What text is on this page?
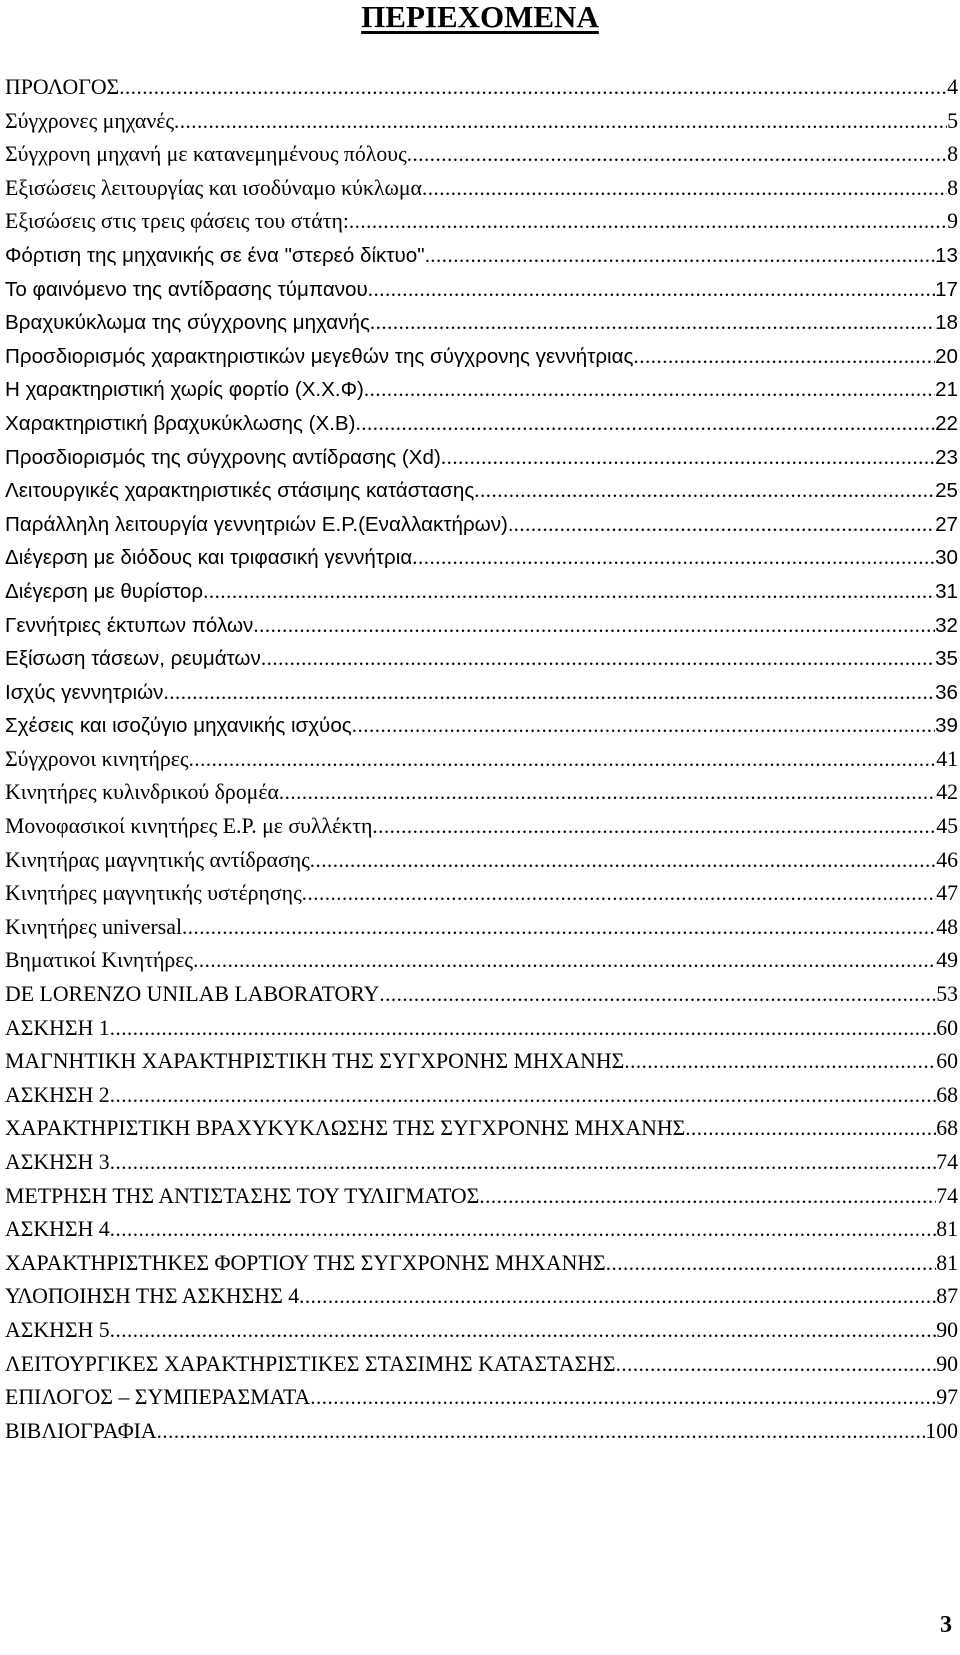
ΠΕΡΙΕΧΟΜΕΝΑ
ΠΡΟΛΟΓΟΣ .....	4
Σύγχρονες μηχανές .....	5
Σύγχρονη μηχανή με κατανεμημένους πόλους .....	8
Εξισώσεις λειτουργίας και ισοδύναμο κύκλωμα .....	8
Εξισώσεις στις τρεις φάσεις του στάτη: .....	9
Φόρτιση της μηχανικής σε ένα "στερεό δίκτυο". .....	13
Το φαινόμενο της αντίδρασης τύμπανου .....	17
Βραχυκύκλωμα της σύγχρονης μηχανής .....	18
Προσδιορισμός χαρακτηριστικών μεγεθών της σύγχρονης γεννήτριας .....	20
Η χαρακτηριστική χωρίς φορτίο (Χ.Χ.Φ) .....	21
Χαρακτηριστική βραχυκύκλωσης (Χ.Β) .....	22
Προσδιορισμός της σύγχρονης αντίδρασης (Xd) .....	23
Λειτουργικές χαρακτηριστικές στάσιμης κατάστασης .....	25
Παράλληλη λειτουργία γεννητριών Ε.Ρ.(Εναλλακτήρων). .....	27
Διέγερση με διόδους και τριφασική γεννήτρια .....	30
Διέγερση με θυρίστορ .....	31
Γεννήτριες έκτυπων πόλων .....	32
Εξίσωση τάσεων, ρευμάτων .....	35
Ισχύς γεννητριών .....	36
Σχέσεις και ισοζύγιο μηχανικής ισχύος .....	39
Σύγχρονοι κινητήρες .....	41
Κινητήρες κυλινδρικού δρομέα .....	42
Μονοφασικοί κινητήρες Ε.Ρ. με συλλέκτη .....	45
Κινητήρας μαγνητικής αντίδρασης .....	46
Κινητήρες μαγνητικής υστέρησης .....	47
Κινητήρες universal .....	48
Βηματικοί Κινητήρες .....	49
DE LORENZO UNILAB LABORATORY .....	53
ΑΣΚΗΣΗ 1 .....	60
ΜΑΓΝΗΤΙΚΗ ΧΑΡΑΚΤΗΡΙΣΤΙΚΗ ΤΗΣ ΣΥΓΧΡΟΝΗΣ ΜΗΧΑΝΗΣ .....	60
ΑΣΚΗΣΗ 2 .....	68
ΧΑΡΑΚΤΗΡΙΣΤΙΚΗ ΒΡΑΧΥΚΥΚΛΩΣΗΣ ΤΗΣ ΣΥΓΧΡΟΝΗΣ ΜΗΧΑΝΗΣ .....	68
ΑΣΚΗΣΗ 3 .....	74
ΜΕΤΡΗΣΗ ΤΗΣ ΑΝΤΙΣΤΑΣΗΣ ΤΟΥ ΤΥΛΙΓΜΑΤΟΣ .....	74
ΑΣΚΗΣΗ 4 .....	81
ΧΑΡΑΚΤΗΡΙΣΤΗΚΕΣ ΦΟΡΤΙΟΥ ΤΗΣ ΣΥΓΧΡΟΝΗΣ ΜΗΧΑΝΗΣ .....	81
ΥΛΟΠΟΙΗΣΗ ΤΗΣ ΑΣΚΗΣΗΣ 4 .....	87
ΑΣΚΗΣΗ 5 .....	90
ΛΕΙΤΟΥΡΓΙΚΕΣ ΧΑΡΑΚΤΗΡΙΣΤΙΚΕΣ ΣΤΑΣΙΜΗΣ ΚΑΤΑΣΤΑΣΗΣ .....	90
ΕΠΙΛΟΓΟΣ – ΣΥΜΠΕΡΑΣΜΑΤΑ .....	97
ΒΙΒΛΙΟΓΡΑΦΙΑ .....	100
3
